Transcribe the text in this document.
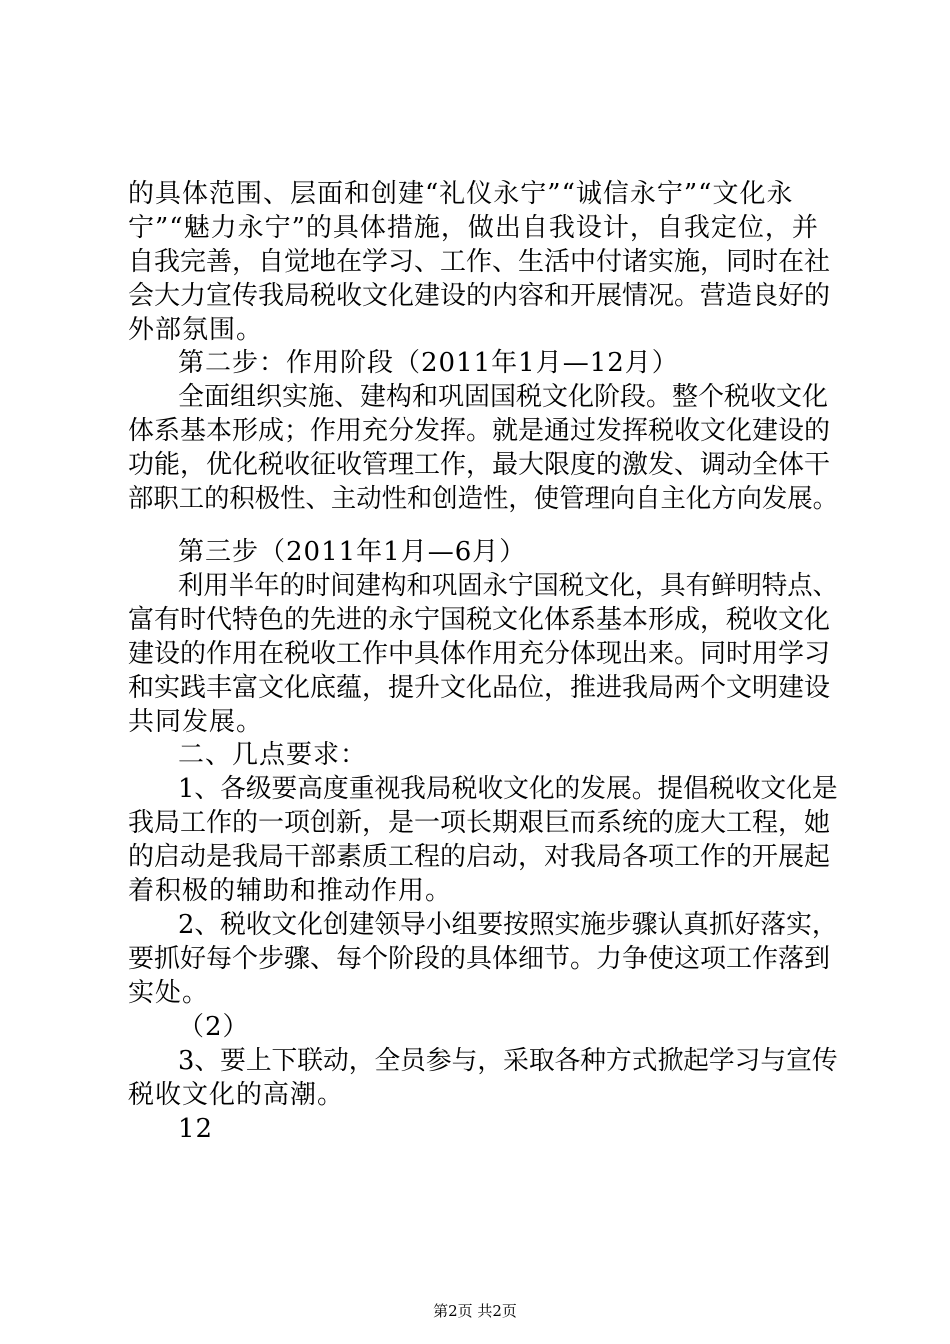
的具体范围、层面和创建“礼仪永宁”“诚信永宁”“文化永
宁”“魅力永宁”的具体措施，做出自我设计，自我定位，并
自我完善，自觉地在学习、工作、生活中付诸实施，同时在社
会大力宣传我局税收文化建设的内容和开展情况。营造良好的
外部氛围。
第二步：作用阶段（2011年1月—12月）
全面组织实施、建构和巩固国税文化阶段。整个税收文化
体系基本形成；作用充分发挥。就是通过发挥税收文化建设的
功能，优化税收征收管理工作，最大限度的激发、调动全体干
部职工的积极性、主动性和创造性，使管理向自主化方向发展。
第三步（2011年1月—6月）
利用半年的时间建构和巩固永宁国税文化，具有鲜明特点、
富有时代特色的先进的永宁国税文化体系基本形成，税收文化
建设的作用在税收工作中具体作用充分体现出来。同时用学习
和实践丰富文化底蕴，提升文化品位，推进我局两个文明建设
共同发展。
二、几点要求：
1、各级要高度重视我局税收文化的发展。提倡税收文化是
我局工作的一项创新，是一项长期艰巨而系统的庞大工程，她
的启动是我局干部素质工程的启动，对我局各项工作的开展起
着积极的辅助和推动作用。
2、税收文化创建领导小组要按照实施步骤认真抓好落实，
要抓好每个步骤、每个阶段的具体细节。力争使这项工作落到
实处。
（2）
3、要上下联动，全员参与，采取各种方式掀起学习与宣传
税收文化的高潮。
12
第2页 共2页
